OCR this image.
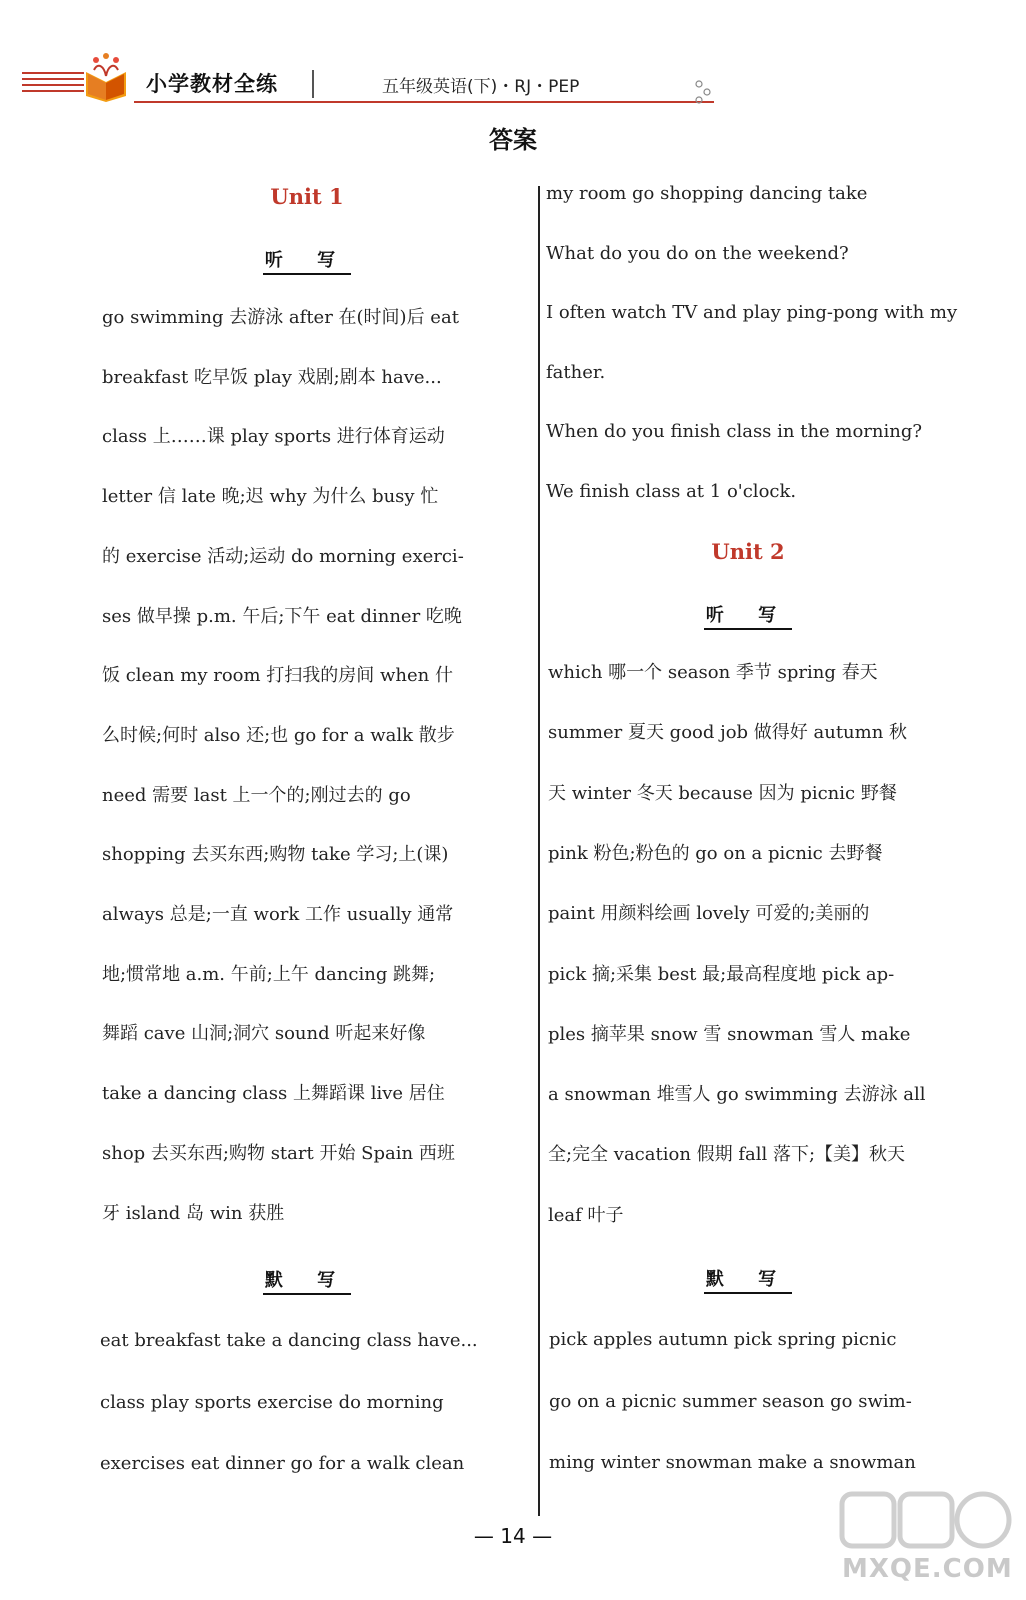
小学教材全练	五年级英语(下)・RJ・PEP
答案
Unit 1
听 写
go swimming 去游泳 after 在(时间)后 eat
breakfast 吃早饭 play 戏剧;剧本 have...
class 上……课 play sports 进行体育运动
letter 信 late 晚;迟 why 为什么 busy 忙
的 exercise 活动;运动 do morning exerci-
ses 做早操 p.m. 午后;下午 eat dinner 吃晚
饭 clean my room 打扫我的房间 when 什
么时候;何时 also 还;也 go for a walk 散步
need 需要 last 上一个的;刚过去的 go
shopping 去买东西;购物 take 学习;上(课)
always 总是;一直 work 工作 usually 通常
地;惯常地 a.m. 午前;上午 dancing 跳舞;
舞蹈 cave 山洞;洞穴 sound 听起来好像
take a dancing class 上舞蹈课 live 居住
shop 去买东西;购物 start 开始 Spain 西班
牙 island 岛 win 获胜
默 写
eat breakfast take a dancing class have...
class play sports exercise do morning
exercises eat dinner go for a walk clean
my room go shopping dancing take
What do you do on the weekend?
I often watch TV and play ping-pong with my
father.
When do you finish class in the morning?
We finish class at 1 o'clock.
Unit 2
听 写
which 哪一个 season 季节 spring 春天
summer 夏天 good job 做得好 autumn 秋
天 winter 冬天 because 因为 picnic 野餐
pink 粉色;粉色的 go on a picnic 去野餐
paint 用颜料绘画 lovely 可爱的;美丽的
pick 摘;采集 best 最;最高程度地 pick ap-
ples 摘苹果 snow 雪 snowman 雪人 make
a snowman 堆雪人 go swimming 去游泳 all
全;完全 vacation 假期 fall 落下;【美】秋天
leaf 叶子
默 写
pick apples autumn pick spring picnic
go on a picnic summer season go swim-
ming winter snowman make a snowman
— 14 —
MXQE.COM
